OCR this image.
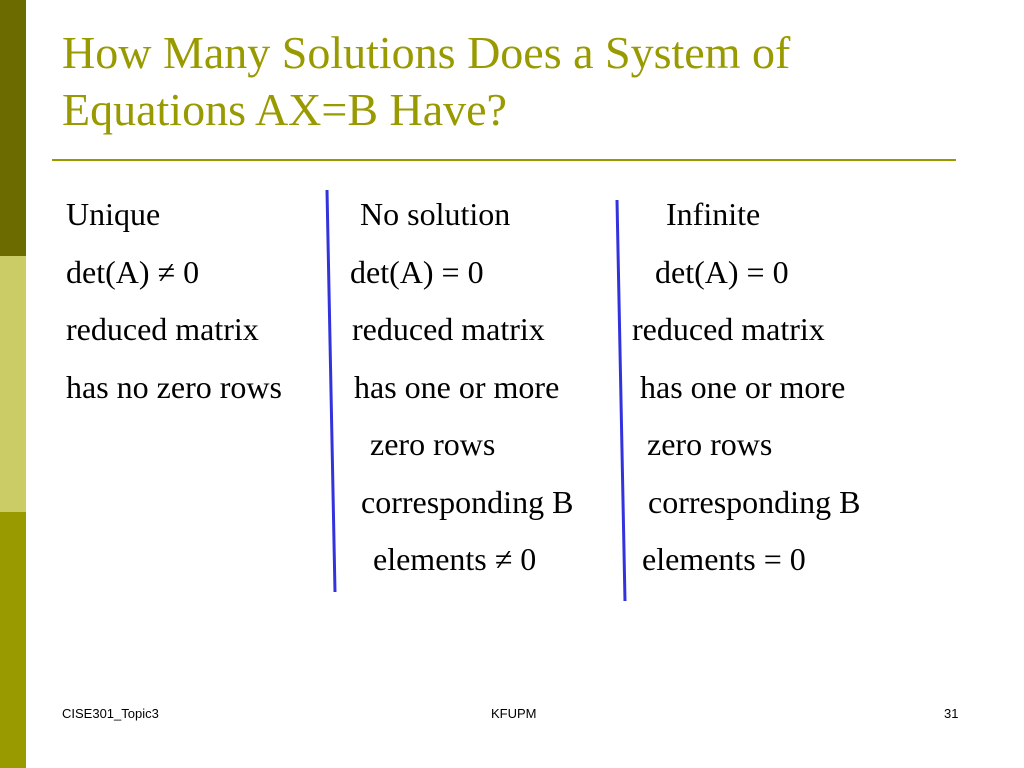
How Many Solutions Does a System of
Equations AX=B Have?
Unique
det(A) ≠ 0
reduced matrix
has no zero rows
No solution
det(A) = 0
reduced matrix
has one or more
zero rows
corresponding B
elements ≠ 0
Infinite
det(A) = 0
reduced matrix
has one or more
zero rows
corresponding B
elements = 0
CISE301_Topic3	KFUPM	31
